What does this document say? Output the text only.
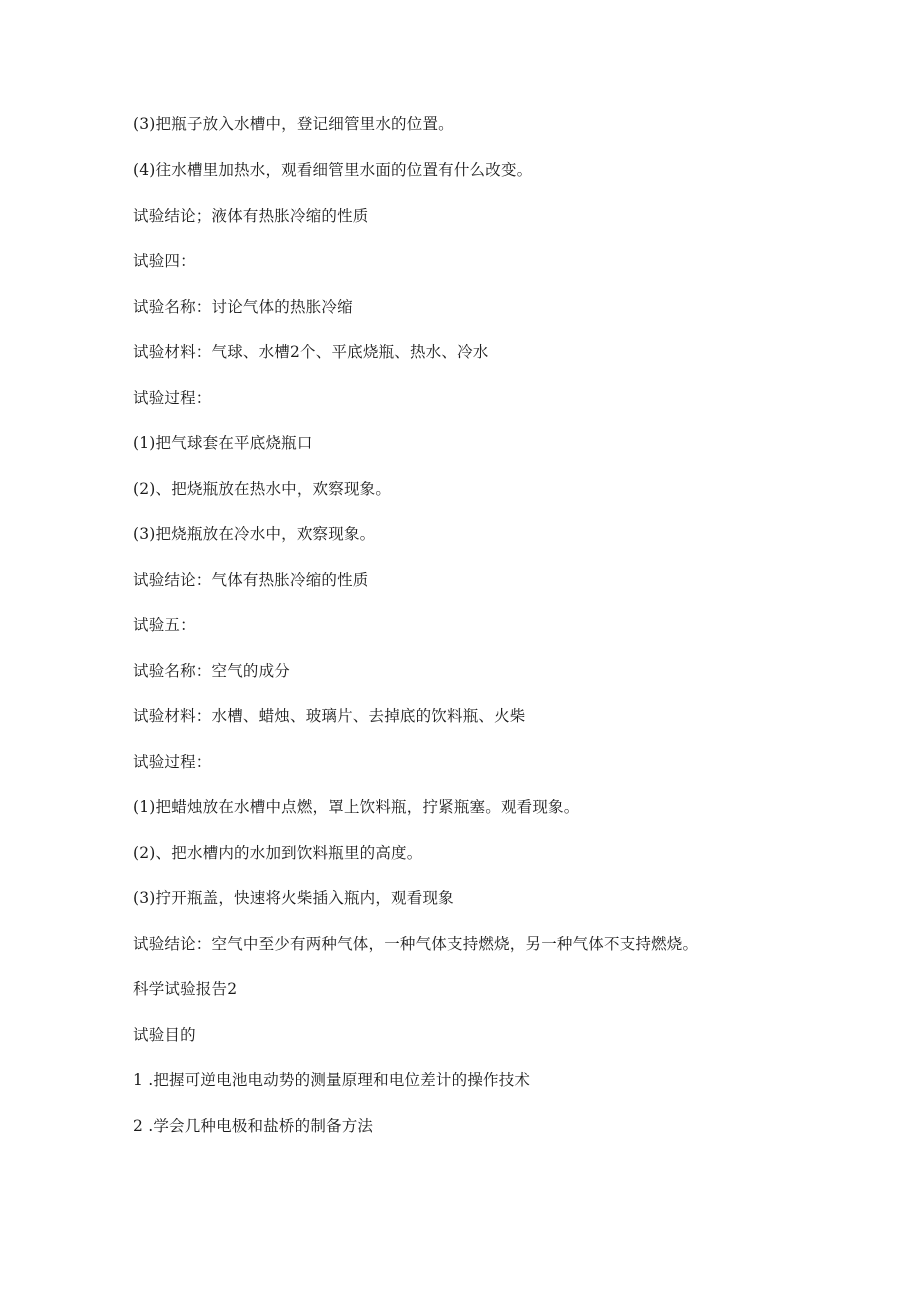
(3)把瓶子放入水槽中，登记细管里水的位置。
(4)往水槽里加热水，观看细管里水面的位置有什么改变。
试验结论；液体有热胀冷缩的性质
试验四：
试验名称：讨论气体的热胀冷缩
试验材料：气球、水槽2个、平底烧瓶、热水、冷水
试验过程：
(1)把气球套在平底烧瓶口
(2)、把烧瓶放在热水中，欢察现象。
(3)把烧瓶放在冷水中，欢察现象。
试验结论：气体有热胀冷缩的性质
试验五：
试验名称：空气的成分
试验材料：水槽、蜡烛、玻璃片、去掉底的饮料瓶、火柴
试验过程：
(1)把蜡烛放在水槽中点燃，罩上饮料瓶，拧紧瓶塞。观看现象。
(2)、把水槽内的水加到饮料瓶里的高度。
(3)拧开瓶盖，快速将火柴插入瓶内，观看现象
试验结论：空气中至少有两种气体，一种气体支持燃烧，另一种气体不支持燃烧。
科学试验报告2
试验目的
1 .把握可逆电池电动势的测量原理和电位差计的操作技术
2 .学会几种电极和盐桥的制备方法
